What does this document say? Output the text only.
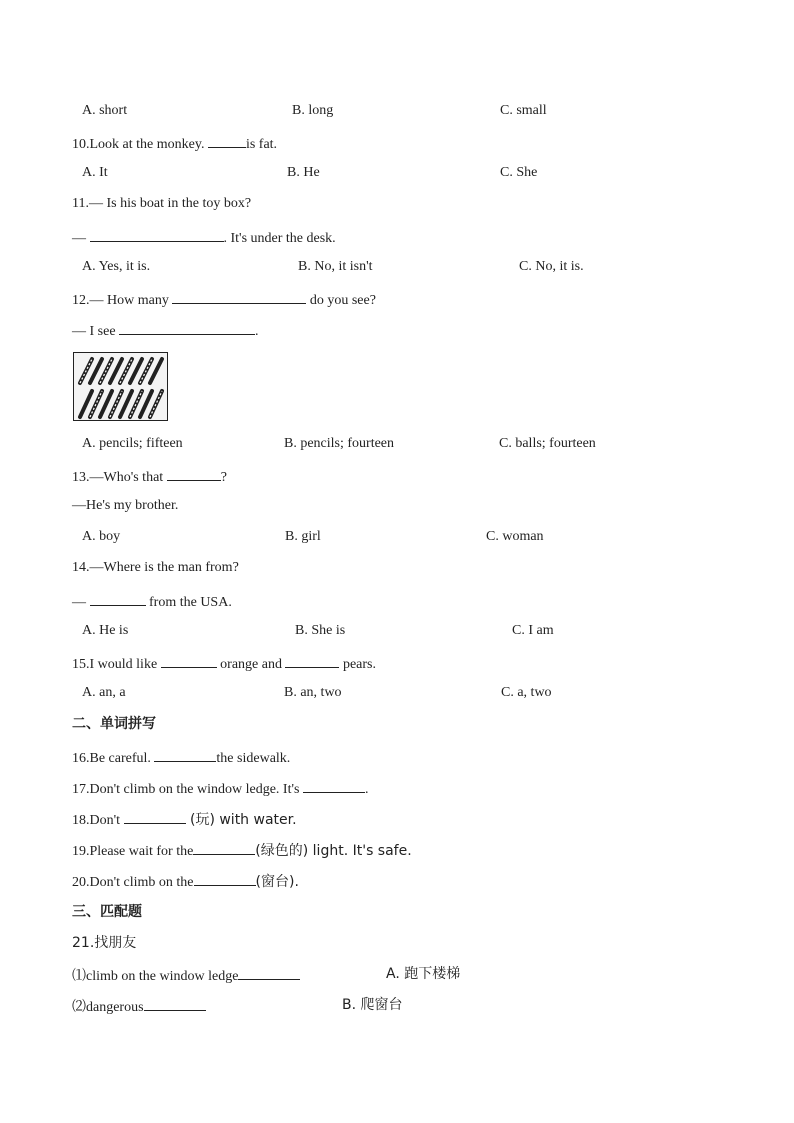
A. short	B. long	C. small
10.Look at the monkey.	is fat.
A. It	B. He	C. She
11.— Is his boat in the toy box?
—	. It's under the desk.
A. Yes, it is.	B. No, it isn't	C. No, it is.
12.— How many	do you see?
— I see	.
A. pencils; fifteen	B. pencils; fourteen	C. balls; fourteen
13.—Who's that	?
—He's my brother.
A. boy	B. girl	C. woman
14.—Where is the man from?
—	from the USA.
A. He is	B. She is	C. I am
15.I would like	orange and	pears.
A. an, a	B. an, two	C. a, two
二、单词拼写
16.Be careful.	the sidewalk.
17.Don't climb on the window ledge. It's	.
18.Don't	(玩) with water.
19.Please wait for the	(绿色的) light. It's safe.
20.Don't climb on the	(窗台).
三、匹配题
21.找朋友
⑴climb on the window ledge	A. 跑下楼梯
⑵dangerous	B. 爬窗台
